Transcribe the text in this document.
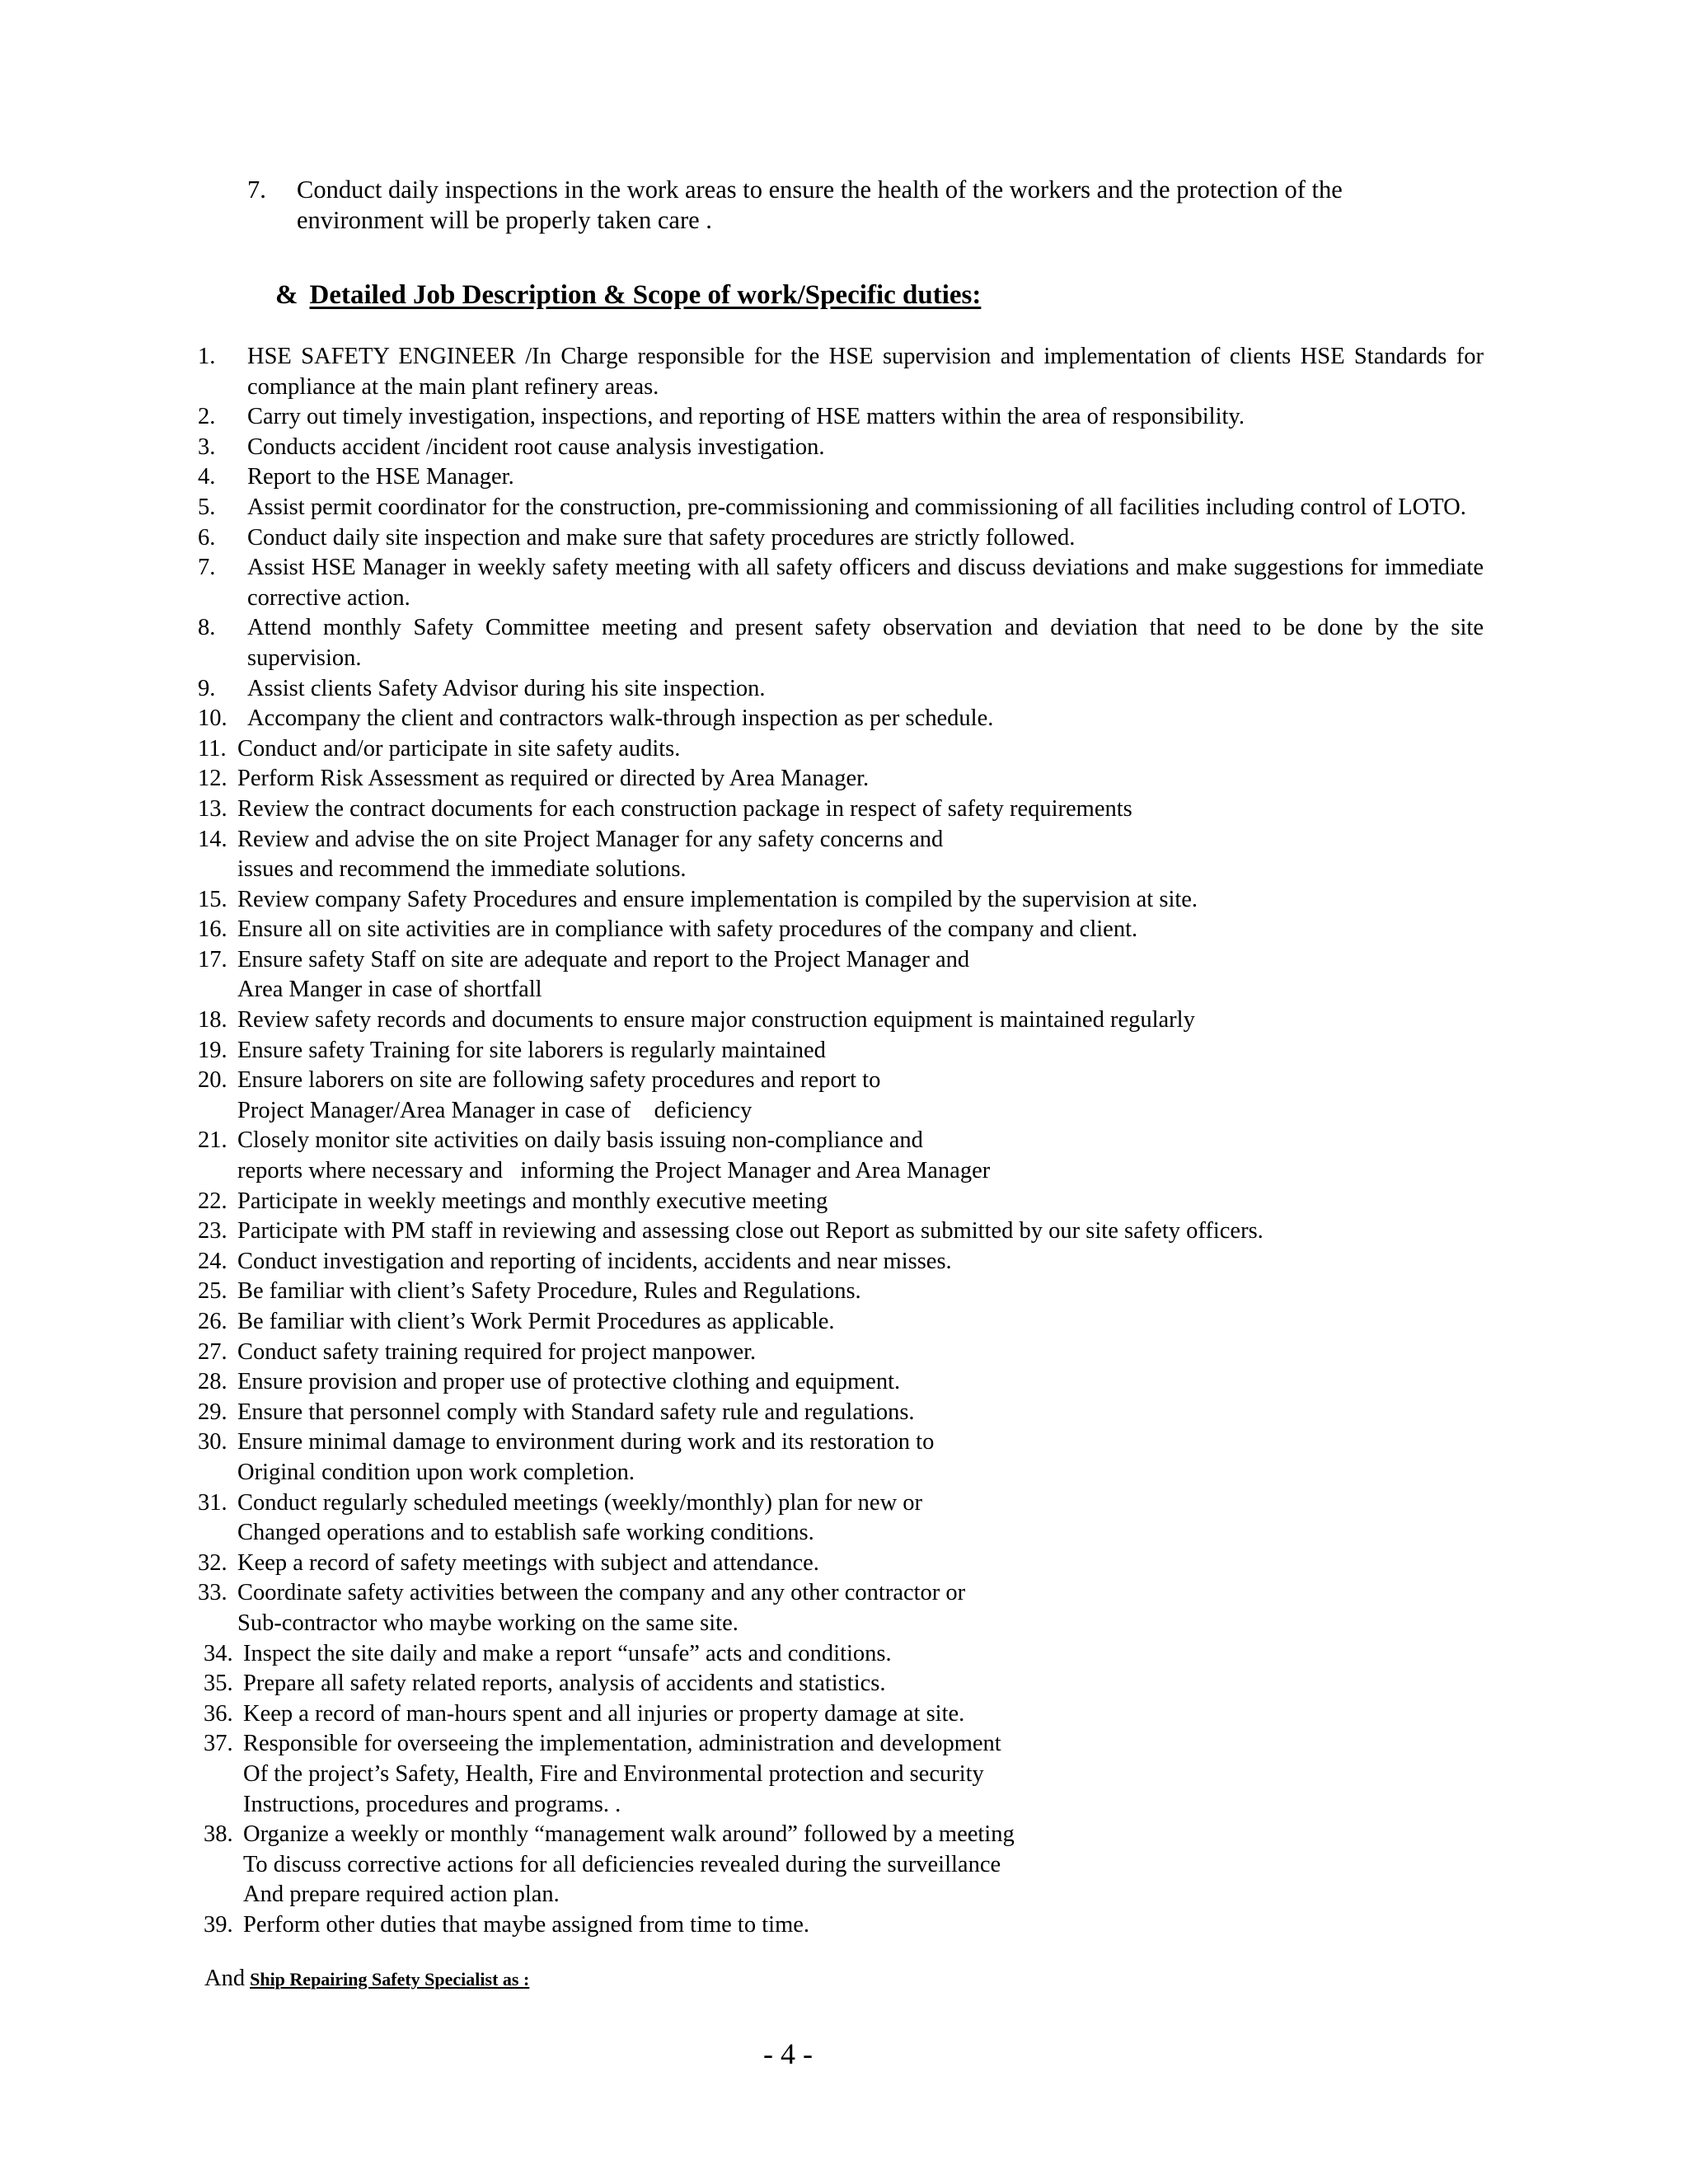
7. Conduct daily inspections in the work areas to ensure the health of the workers and the protection of the environment will be properly taken care .
& Detailed Job Description & Scope of work/Specific duties:
1. HSE SAFETY ENGINEER /In Charge responsible for the HSE supervision and implementation of clients HSE Standards for compliance at the main plant refinery areas.
2. Carry out timely investigation, inspections, and reporting of HSE matters within the area of responsibility.
3. Conducts accident /incident root cause analysis investigation.
4. Report to the HSE Manager.
5. Assist permit coordinator for the construction, pre-commissioning and commissioning of all facilities including control of LOTO.
6. Conduct daily site inspection and make sure that safety procedures are strictly followed.
7. Assist HSE Manager in weekly safety meeting with all safety officers and discuss deviations and make suggestions for immediate corrective action.
8. Attend monthly Safety Committee meeting and present safety observation and deviation that need to be done by the site supervision.
9. Assist clients Safety Advisor during his site inspection.
10. Accompany the client and contractors walk-through inspection as per schedule.
11. Conduct and/or participate in site safety audits.
12. Perform Risk Assessment as required or directed by Area Manager.
13. Review the contract documents for each construction package in respect of safety requirements
14. Review and advise the on site Project Manager for any safety concerns and
issues and recommend the immediate solutions.
15. Review company Safety Procedures and ensure implementation is compiled by the supervision at site.
16. Ensure all on site activities are in compliance with safety procedures of the company and client.
17. Ensure safety Staff on site are adequate and report to the Project Manager and
Area Manger in case of shortfall
18. Review safety records and documents to ensure major construction equipment is maintained regularly
19. Ensure safety Training for site laborers is regularly maintained
20. Ensure laborers on site are following safety procedures and report to
Project Manager/Area Manager in case of    deficiency
21. Closely monitor site activities on daily basis issuing non-compliance and
reports where necessary and   informing the Project Manager and Area Manager
22. Participate in weekly meetings and monthly executive meeting
23. Participate with PM staff in reviewing and assessing close out Report as submitted by our site safety officers.
24. Conduct investigation and reporting of incidents, accidents and near misses.
25. Be familiar with client’s Safety Procedure, Rules and Regulations.
26. Be familiar with client’s Work Permit Procedures as applicable.
27. Conduct safety training required for project manpower.
28. Ensure provision and proper use of protective clothing and equipment.
29. Ensure that personnel comply with Standard safety rule and regulations.
30. Ensure minimal damage to environment during work and its restoration to
Original condition upon work completion.
31. Conduct regularly scheduled meetings (weekly/monthly) plan for new or
Changed operations and to establish safe working conditions.
32. Keep a record of safety meetings with subject and attendance.
33. Coordinate safety activities between the company and any other contractor or
Sub-contractor who maybe working on the same site.
34. Inspect the site daily and make a report “unsafe” acts and conditions.
35. Prepare all safety related reports, analysis of accidents and statistics.
36. Keep a record of man-hours spent and all injuries or property damage at site.
37. Responsible for overseeing the implementation, administration and development
Of the project’s Safety, Health, Fire and Environmental protection and security
Instructions, procedures and programs. .
38. Organize a weekly or monthly “management walk around” followed by a meeting
To discuss corrective actions for all deficiencies revealed during the surveillance
And prepare required action plan.
39. Perform other duties that maybe assigned from time to time.
And Ship Repairing Safety Specialist as :
- 4 -
